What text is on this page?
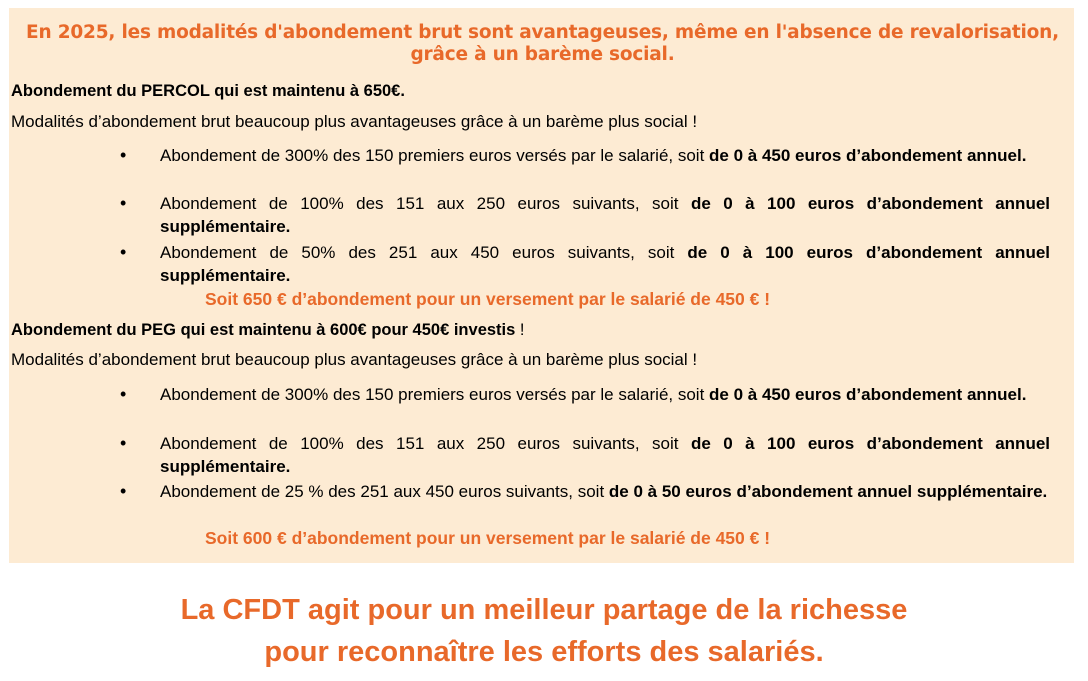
En 2025, les modalités d'abondement brut sont avantageuses, même en l'absence de revalorisation,
grâce à un barème social.
Abondement du PERCOL qui est maintenu à 650€.
Modalités d’abondement brut beaucoup plus avantageuses grâce à un barème plus social !
• Abondement de 300% des 150 premiers euros versés par le salarié, soit de 0 à 450 euros d’abondement annuel.
• Abondement de 100% des 151 aux 250 euros suivants, soit de 0 à 100 euros d’abondement annuel supplémentaire.
• Abondement de 50% des 251 aux 450 euros suivants, soit de 0 à 100 euros d’abondement annuel supplémentaire.
Soit 650 € d’abondement pour un versement par le salarié de 450 € !
Abondement du PEG qui est maintenu à 600€ pour 450€ investis !
Modalités d’abondement brut beaucoup plus avantageuses grâce à un barème plus social !
• Abondement de 300% des 150 premiers euros versés par le salarié, soit de 0 à 450 euros d’abondement annuel.
• Abondement de 100% des 151 aux 250 euros suivants, soit de 0 à 100 euros d’abondement annuel supplémentaire.
• Abondement de 25 % des 251 aux 450 euros suivants, soit de 0 à 50 euros d’abondement annuel supplémentaire.
Soit 600 € d’abondement pour un versement par le salarié de 450 € !
La CFDT agit pour un meilleur partage de la richesse
pour reconnaître les efforts des salariés.
